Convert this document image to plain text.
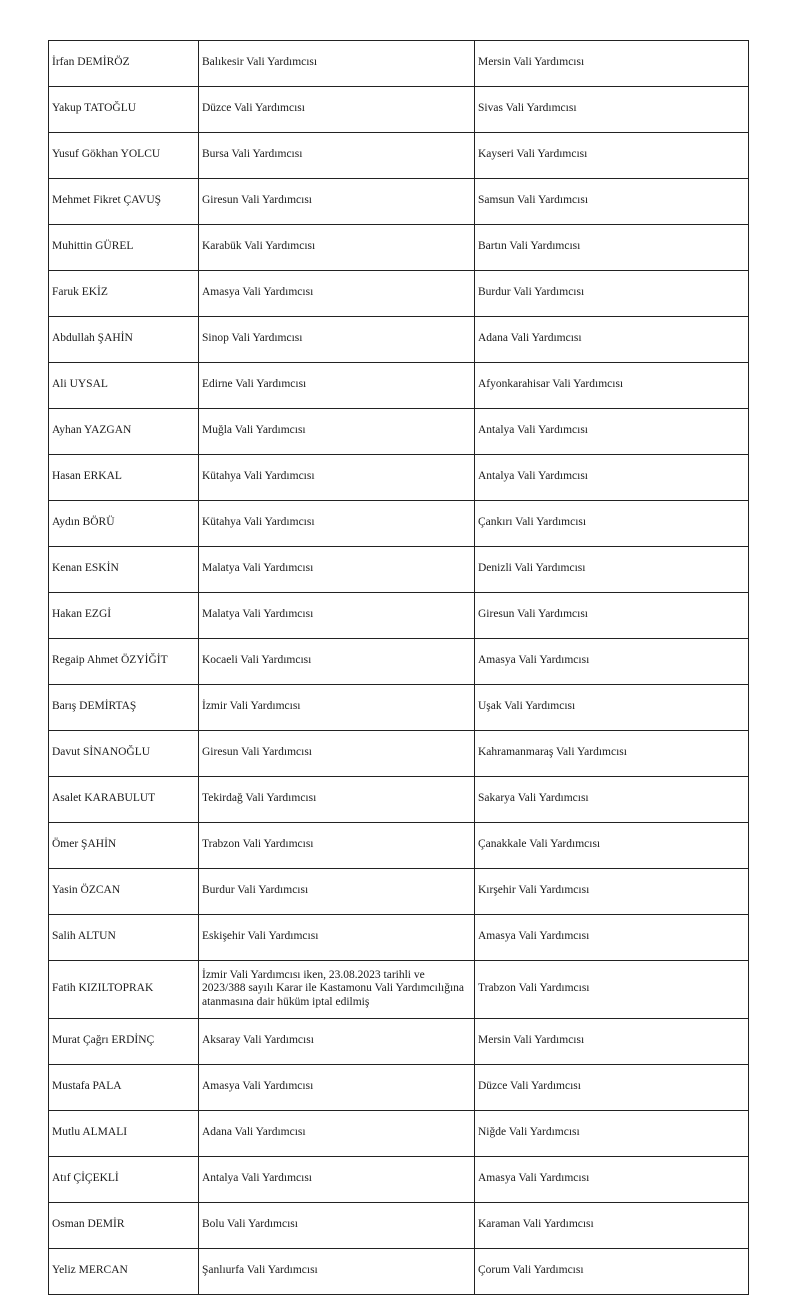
İrfan DEMİRÖZ	Balıkesir Vali Yardımcısı	Mersin Vali Yardımcısı
Yakup TATOĞLU	Düzce Vali Yardımcısı	Sivas Vali Yardımcısı
Yusuf Gökhan YOLCU	Bursa Vali Yardımcısı	Kayseri Vali Yardımcısı
Mehmet Fikret ÇAVUŞ	Giresun Vali Yardımcısı	Samsun Vali Yardımcısı
Muhittin GÜREL	Karabük Vali Yardımcısı	Bartın Vali Yardımcısı
Faruk EKİZ	Amasya Vali Yardımcısı	Burdur Vali Yardımcısı
Abdullah ŞAHİN	Sinop Vali Yardımcısı	Adana Vali Yardımcısı
Ali UYSAL	Edirne Vali Yardımcısı	Afyonkarahisar Vali Yardımcısı
Ayhan YAZGAN	Muğla Vali Yardımcısı	Antalya Vali Yardımcısı
Hasan ERKAL	Kütahya Vali Yardımcısı	Antalya Vali Yardımcısı
Aydın BÖRÜ	Kütahya Vali Yardımcısı	Çankırı Vali Yardımcısı
Kenan ESKİN	Malatya Vali Yardımcısı	Denizli Vali Yardımcısı
Hakan EZGİ	Malatya Vali Yardımcısı	Giresun Vali Yardımcısı
Regaip Ahmet ÖZYİĞİT	Kocaeli Vali Yardımcısı	Amasya Vali Yardımcısı
Barış DEMİRTAŞ	İzmir Vali Yardımcısı	Uşak Vali Yardımcısı
Davut SİNANOĞLU	Giresun Vali Yardımcısı	Kahramanmaraş Vali Yardımcısı
Asalet KARABULUT	Tekirdağ Vali Yardımcısı	Sakarya Vali Yardımcısı
Ömer ŞAHİN	Trabzon Vali Yardımcısı	Çanakkale Vali Yardımcısı
Yasin ÖZCAN	Burdur Vali Yardımcısı	Kırşehir Vali Yardımcısı
Salih ALTUN	Eskişehir Vali Yardımcısı	Amasya Vali Yardımcısı
Fatih KIZILTOPRAK	İzmir Vali Yardımcısı iken, 23.08.2023 tarihli ve 2023/388 sayılı Karar ile Kastamonu Vali Yardımcılığına atanmasına dair hüküm iptal edilmiş	Trabzon Vali Yardımcısı
Murat Çağrı ERDİNÇ	Aksaray Vali Yardımcısı	Mersin Vali Yardımcısı
Mustafa PALA	Amasya Vali Yardımcısı	Düzce Vali Yardımcısı
Mutlu ALMALI	Adana Vali Yardımcısı	Niğde Vali Yardımcısı
Atıf ÇİÇEKLİ	Antalya Vali Yardımcısı	Amasya Vali Yardımcısı
Osman DEMİR	Bolu Vali Yardımcısı	Karaman Vali Yardımcısı
Yeliz MERCAN	Şanlıurfa Vali Yardımcısı	Çorum Vali Yardımcısı
